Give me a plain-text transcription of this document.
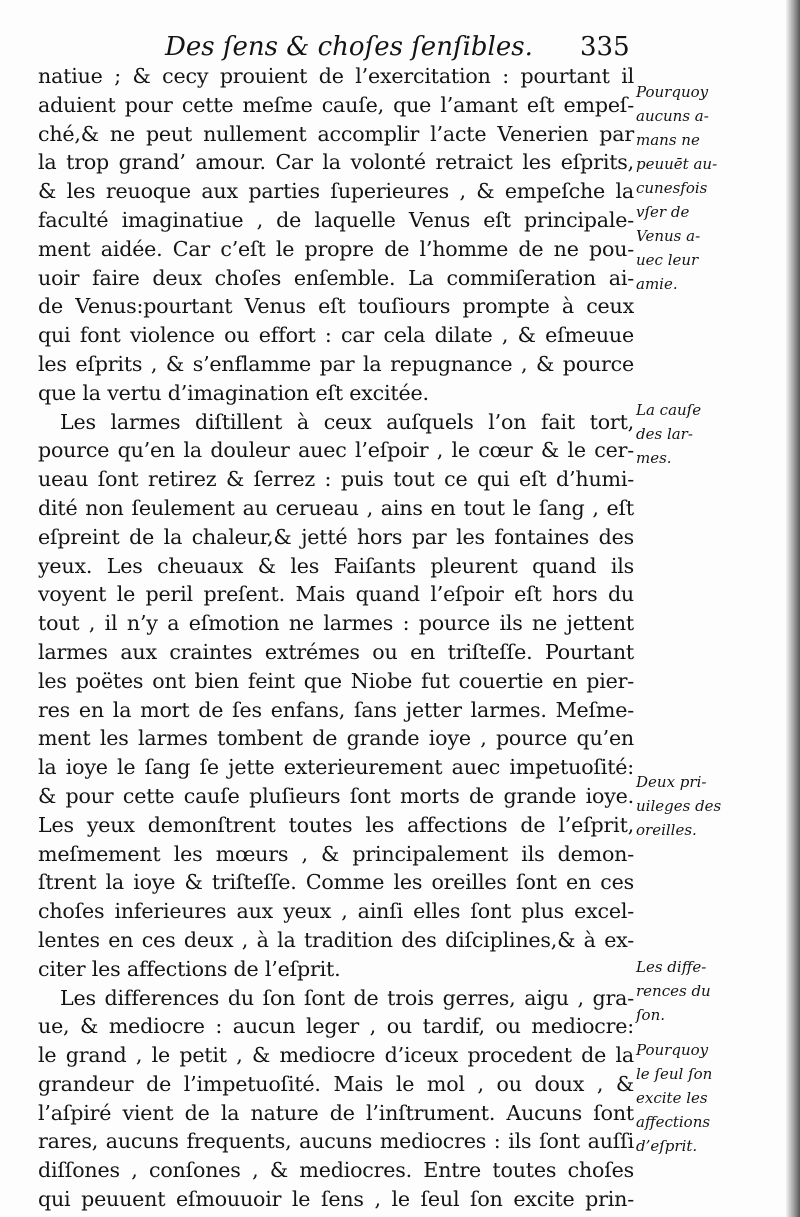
Des ſens & choſes ſenſibles. 335
natiue ; & cecy prouient de l’exercitation : pourtant il
aduient pour cette meſme cauſe, que l’amant eſt empeſ-
ché,& ne peut nullement accomplir l’acte Venerien par
la trop grand’ amour. Car la volonté retraict les eſprits,
& les reuoque aux parties ſuperieures , & empeſche la
faculté imaginatiue , de laquelle Venus eſt principale-
ment aidée. Car c’eſt le propre de l’homme de ne pou-
uoir faire deux choſes enſemble. La commiſeration ai-
de Venus:pourtant Venus eſt touſiours prompte à ceux
qui font violence ou effort : car cela dilate , & eſmeuue
les eſprits , & s’enflamme par la repugnance , & pource
que la vertu d’imagination eſt excitée.
Les larmes diſtillent à ceux auſquels l’on fait tort,
pource qu’en la douleur auec l’eſpoir , le cœur & le cer-
ueau ſont retirez & ſerrez : puis tout ce qui eſt d’humi-
dité non ſeulement au cerueau , ains en tout le ſang , eſt
eſpreint de la chaleur,& jetté hors par les fontaines des
yeux. Les cheuaux & les Faiſants pleurent quand ils
voyent le peril preſent. Mais quand l’eſpoir eſt hors du
tout , il n’y a eſmotion ne larmes : pource ils ne jettent
larmes aux craintes extrémes ou en triſteſſe. Pourtant
les poëtes ont bien feint que Niobe fut couertie en pier-
res en la mort de ſes enfans, ſans jetter larmes. Meſme-
ment les larmes tombent de grande ioye , pource qu’en
la ioye le ſang ſe jette exterieurement auec impetuoſité:
& pour cette cauſe pluſieurs ſont morts de grande ioye.
Les yeux demonſtrent toutes les affections de l’eſprit,
meſmement les mœurs , & principalement ils demon-
ſtrent la ioye & triſteſſe. Comme les oreilles ſont en ces
choſes inferieures aux yeux , ainſi elles ſont plus excel-
lentes en ces deux , à la tradition des diſciplines,& à ex-
citer les affections de l’eſprit.
Les differences du ſon ſont de trois gerres, aigu , gra-
ue, & mediocre : aucun leger , ou tardif, ou mediocre:
le grand , le petit , & mediocre d’iceux procedent de la
grandeur de l’impetuoſité. Mais le mol , ou doux , &
l’aſpiré vient de la nature de l’inſtrument. Aucuns ſont
rares, aucuns frequents, aucuns mediocres : ils ſont auſſi
diſſones , conſones , & mediocres. Entre toutes choſes
qui peuuent eſmouuoir le ſens , le ſeul ſon excite prin-
Pourquoy
aucuns a-
mans ne
peuuēt au-
cunesfois
vſer de
Venus a-
uec leur
amie.
La cauſe
des lar-
mes.
Deux pri-
uileges des
oreilles.
Les diffe-
rences du
ſon.
Pourquoy
le ſeul ſon
excite les
affections
d’eſprit.
